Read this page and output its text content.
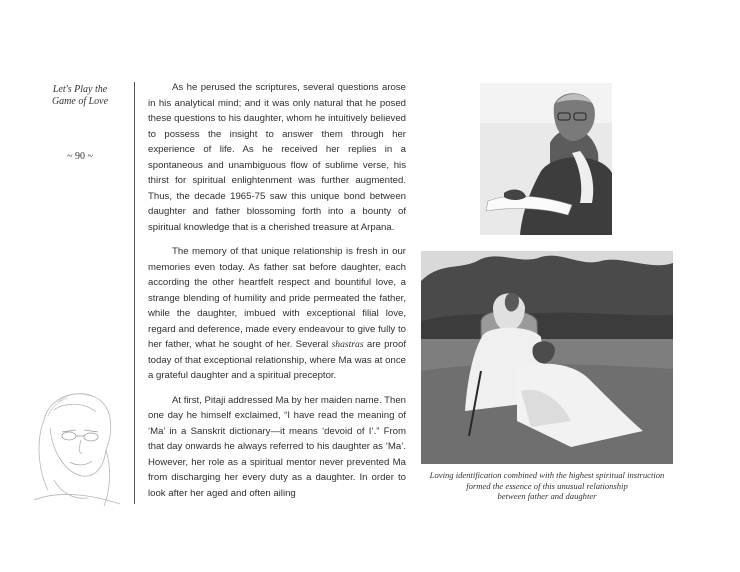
Let's Play the
Game of Love
~ 90 ~

As he perused the scriptures, several questions arose in his analytical mind; and it was only natural that he posed these questions to his daughter, whom he intuitively believed to possess the insight to answer them through her experience of life. As he received her replies in a spontaneous and unambiguous flow of sublime verse, his thirst for spiritual enlightenment was further augmented. Thus, the decade 1965-75 saw this unique bond between daughter and father blossoming forth into a bounty of spiritual knowledge that is a cherished treasure at Arpana.

The memory of that unique relationship is fresh in our memories even today. As father sat before daughter, each according the other heartfelt respect and bountiful love, a strange blending of humility and pride permeated the father, while the daughter, imbued with exceptional filial love, regard and deference, made every endeavour to give fully to her father, what he sought of her. Several shastras are proof today of that exceptional relationship, where Ma was at once a grateful daughter and a spiritual preceptor.

At first, Pitaji addressed Ma by her maiden name. Then one day he himself exclaimed, “I have read the meaning of ‘Ma’ in a Sanskrit dictionary—it means ‘devoid of I’.” From that day onwards he always referred to his daughter as ‘Ma’. However, her role as a spiritual mentor never prevented Ma from discharging her every duty as a daughter. In order to look after her aged and often ailing

Loving identification combined with the highest spiritual instruction
formed the essence of this unusual relationship
between father and daughter
